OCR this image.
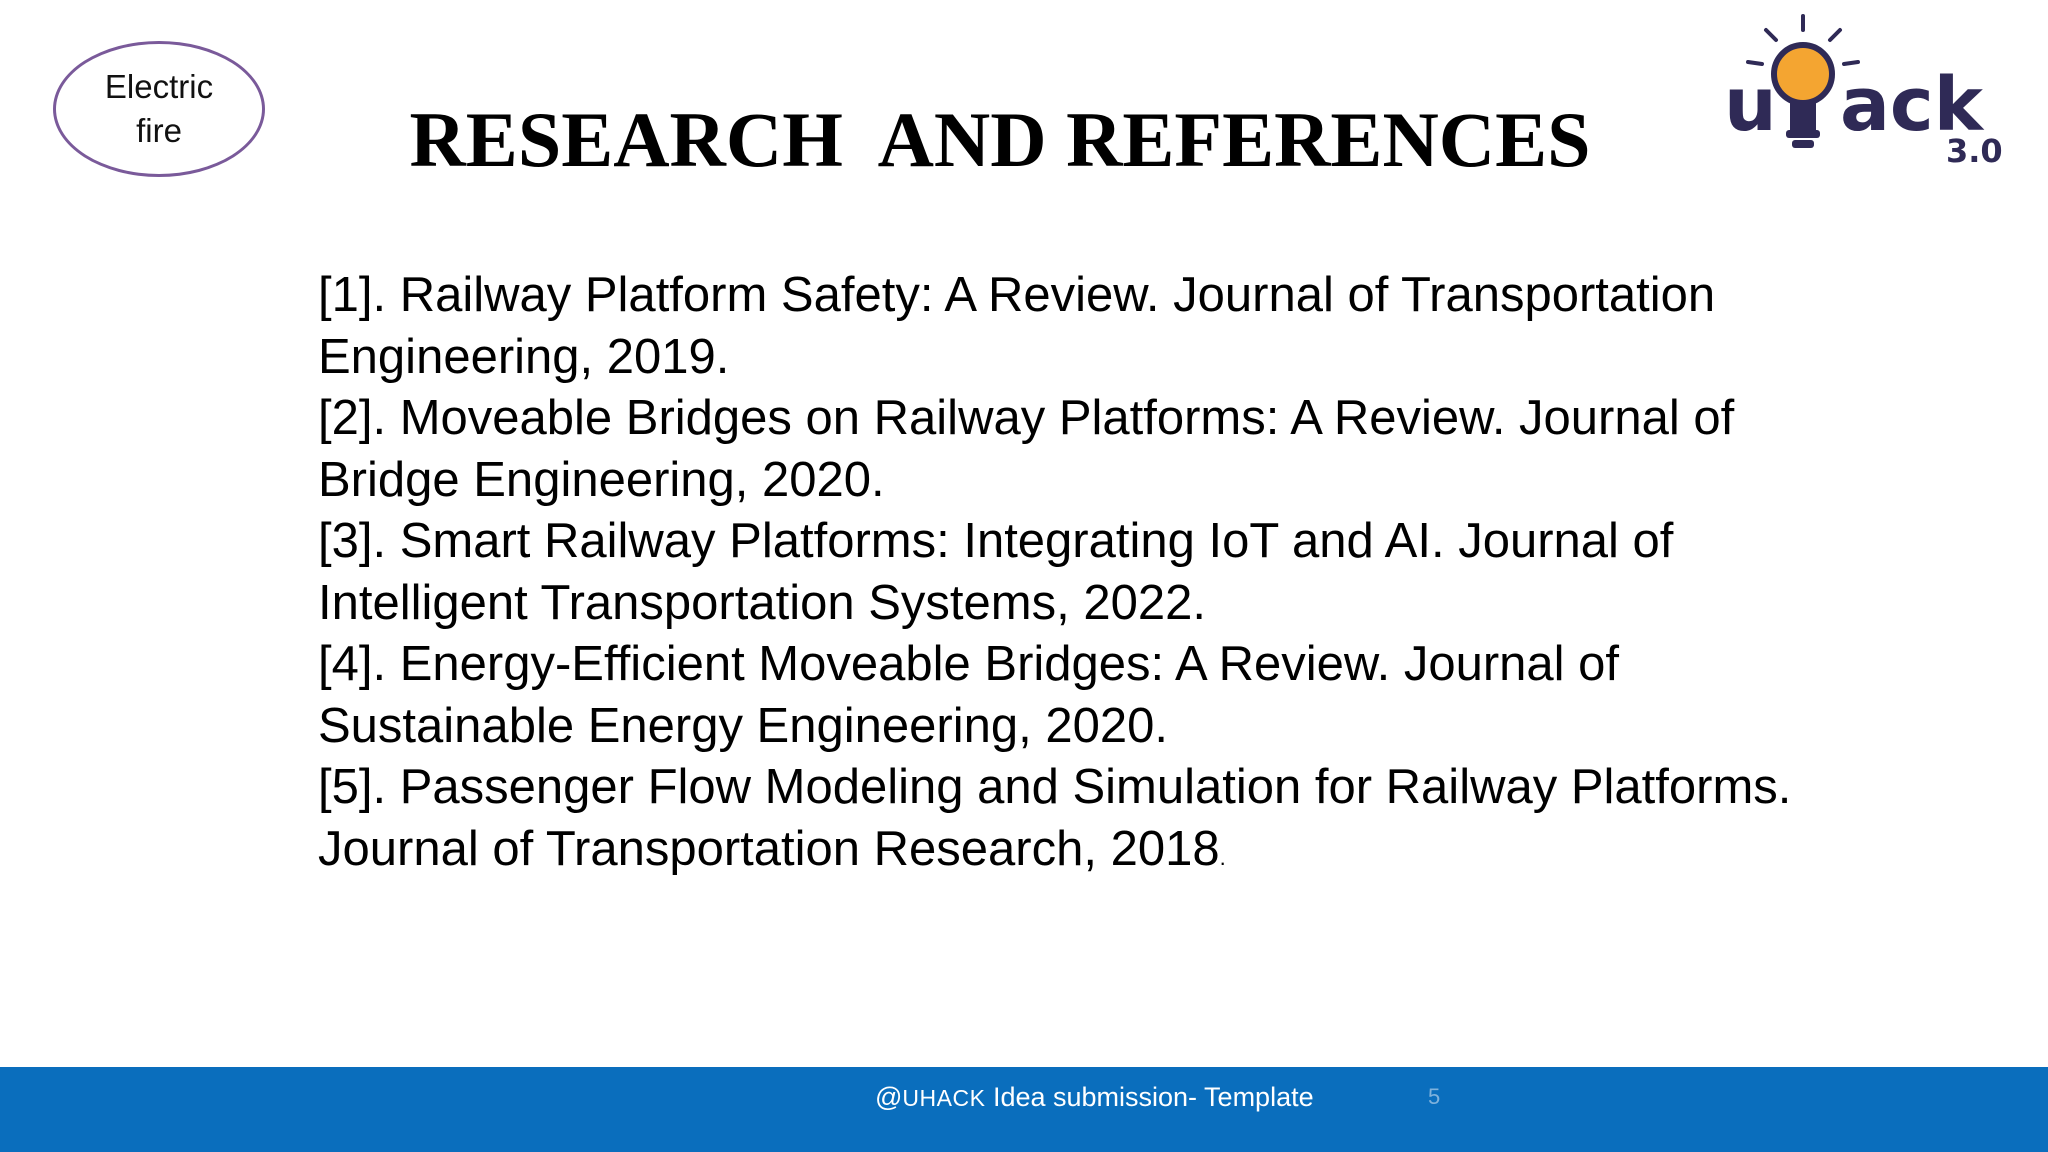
Electric
fire	RESEARCH  AND REFERENCES	u ack
3.0
[1]. Railway Platform Safety: A Review. Journal of Transportation Engineering, 2019.
[2]. Moveable Bridges on Railway Platforms: A Review. Journal of Bridge Engineering, 2020.
[3]. Smart Railway Platforms: Integrating IoT and AI. Journal of Intelligent Transportation Systems, 2022.
[4]. Energy-Efficient Moveable Bridges: A Review. Journal of Sustainable Energy Engineering, 2020.
[5]. Passenger Flow Modeling and Simulation for Railway Platforms. Journal of Transportation Research, 2018.
@UHACK Idea submission- Template	5
